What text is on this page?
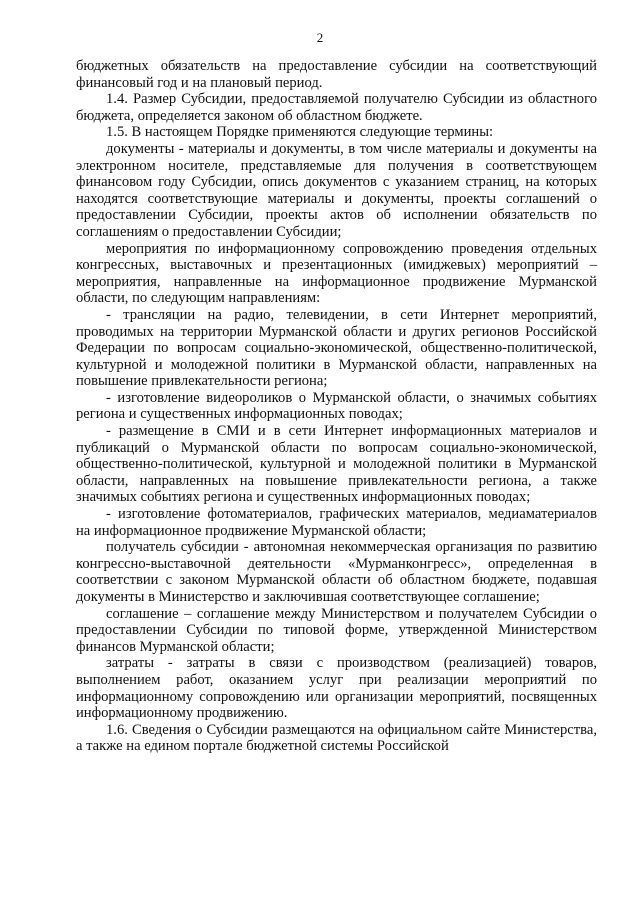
2

бюджетных обязательств на предоставление субсидии на соответствующий финансовый год и на плановый период.

1.4. Размер Субсидии, предоставляемой получателю Субсидии из областного бюджета, определяется законом об областном бюджете.

1.5. В настоящем Порядке применяются следующие термины:

документы - материалы и документы, в том числе материалы и документы на электронном носителе, представляемые для получения в соответствующем финансовом году Субсидии, опись документов с указанием страниц, на которых находятся соответствующие материалы и документы, проекты соглашений о предоставлении Субсидии, проекты актов об исполнении обязательств по соглашениям о предоставлении Субсидии;

мероприятия по информационному сопровождению проведения отдельных конгрессных, выставочных и презентационных (имиджевых) мероприятий – мероприятия, направленные на информационное продвижение Мурманской области, по следующим направлениям:

- трансляции на радио, телевидении, в сети Интернет мероприятий, проводимых на территории Мурманской области и других регионов Российской Федерации по вопросам социально-экономической, общественно-политической, культурной и молодежной политики в Мурманской области, направленных на повышение привлекательности региона;

- изготовление видеороликов о Мурманской области, о значимых событиях региона и существенных информационных поводах;

- размещение в СМИ и в сети Интернет информационных материалов и публикаций о Мурманской области по вопросам социально-экономической, общественно-политической, культурной и молодежной политики в Мурманской области, направленных на повышение привлекательности региона, а также значимых событиях региона и существенных информационных поводах;

- изготовление фотоматериалов, графических материалов, медиаматериалов на информационное продвижение Мурманской области;

получатель субсидии - автономная некоммерческая организация по развитию конгрессно-выставочной деятельности «Мурманконгресс», определенная в соответствии с законом Мурманской области об областном бюджете, подавшая документы в Министерство и заключившая соответствующее соглашение;

соглашение – соглашение между Министерством и получателем Субсидии о предоставлении Субсидии по типовой форме, утвержденной Министерством финансов Мурманской области;

затраты - затраты в связи с производством (реализацией) товаров, выполнением работ, оказанием услуг при реализации мероприятий по информационному сопровождению или организации мероприятий, посвященных информационному продвижению.

1.6. Сведения о Субсидии размещаются на официальном сайте Министерства, а также на едином портале бюджетной системы Российской
